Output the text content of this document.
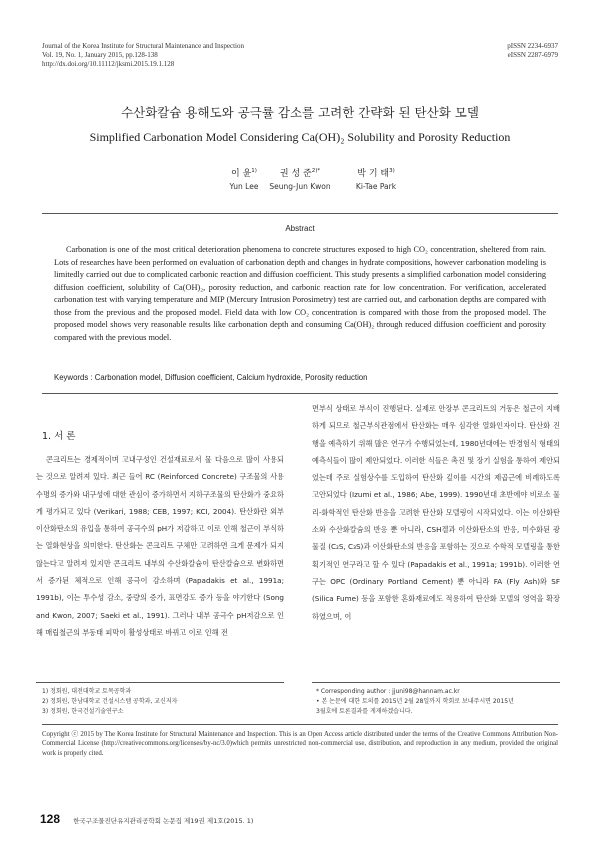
Journal of the Korea Institute for Structural Maintenance and Inspection
Vol. 19, No. 1, January 2015, pp.128-138
http://dx.doi.org/10.11112/jksmi.2015.19.1.128
pISSN 2234-6937
eISSN 2287-6979
수산화칼슘 용해도와 공극률 감소를 고려한 간략화 된 탄산화 모델
Simplified Carbonation Model Considering Ca(OH)₂ Solubility and Porosity Reduction
이 윤$^{1)}$
Yun Lee
권 성 준$^{2)*}$
Seung-Jun Kwon
박 기 태$^{3)}$
Ki-Tae Park
Abstract

Carbonation is one of the most critical deterioration phenomena to concrete structures exposed to high CO₂ concentration, sheltered from rain. Lots of researches have been performed on evaluation of carbonation depth and changes in hydrate compositions, however carbonation modeling is limitedly carried out due to complicated carbonic reaction and diffusion coefficient. This study presents a simplified carbonation model considering diffusion coefficient, solubility of Ca(OH)₂, porosity reduction, and carbonic reaction rate for low concentration. For verification, accelerated carbonation test with varying temperature and MIP (Mercury Intrusion Porosimetry) test are carried out, and carbonation depths are compared with those from the previous and the proposed model. Field data with low CO₂ concentration is compared with those from the proposed model. The proposed model shows very reasonable results like carbonation depth and consuming Ca(OH)₂ through reduced diffusion coefficient and porosity compared with the previous model.

Keywords : Carbonation model, Diffusion coefficient, Calcium hydroxide, Porosity reduction
1. 서 론

콘크리트는 경제적이며 고내구성인 건설재료로서 물 다음으로 많이 사용되는 것으로 알려져 있다. 최근 들어 RC (Reinforced Concrete) 구조물의 사용수명의 증가와 내구성에 대한 관심이 증가하면서 지하구조물의 탄산화가 중요하게 평가되고 있다 (Verikari, 1988; CEB, 1997; KCI, 2004). 탄산화란 외부 이산화탄소의 유입을 통하여 공극수의 pH가 저감하고 이로 인해 철근이 부식하는 열화현상을 의미한다. 탄산화는 콘크리트 구체만 고려하면 크게 문제가 되지 않는다고 알려져 있지만 콘크리트 내부의 수산화칼슘이 탄산칼슘으로 변화하면서 증가된 체적으로 인해 공극이 감소하며 (Papadakis et al., 1991a; 1991b), 이는 투수성 감소, 중량의 증가, 표면강도 증가 등을 야기한다 (Song and Kwon, 2007; Saeki et al., 1991). 그러나 내부 공극수 pH저감으로 인해 매립철근의 부동태 피막이 활성상태로 바뀌고 이로 인해 전

면부식 상태로 부식이 진행된다. 실제로 안장부 콘크리트의 거동은 철근이 지배하게 되므로 철근부식관점에서 탄산화는 매우 심각한 열화인자이다. 탄산화 진행을 예측하기 위해 많은 연구가 수행되었는데, 1980년대에는 반경험식 형태의 예측식들이 많이 제안되었다. 이러한 식들은 촉진 및 장기 실험을 통하여 제안되었는데 주로 실험상수를 도입하여 탄산화 깊이를 시간의 제곱근에 비례하도록 고안되었다 (Izumi et al., 1986; Abe, 1999). 1990년대 초반에야 비로소 물리-화학적인 탄산화 반응을 고려한 탄산화 모델링이 시작되었다. 이는 이산화탄소와 수산화칼슘의 반응 뿐 아니라, CSH겔과 이산화탄소의 반응, 미수화된 광물질 (C₂S, C₃S)과 이산화탄소의 반응을 포함하는 것으로 수학적 모델링을 통한 획기적인 연구라고 할 수 있다 (Papadakis et al., 1991a; 1991b). 이러한 연구는 OPC (Ordinary Portland Cement) 뿐 아니라 FA (Fly Ash)와 SF (Silica Fume) 등을 포함한 혼화재료에도 적용하여 탄산화 모델의 영역을 확장하였으며, 이

1) 정회원, 대전대학교 토목공학과
2) 정회원, 한남대학교 건설시스템 공학과, 교신저자
3) 정회원, 한국건설기술연구소
* Corresponding author : jjuni98@hannam.ac.kr
• 본 논문에 대한 토의를 2015년 2월 28일까지 학회로 보내주시면 2015년
3월호에 토론결과를 게재하겠습니다.
Copyright ⓒ 2015 by The Korea Institute for Structural Maintenance and Inspection. This is an Open Access article distributed under the terms of the Creative Commons Attribution Non-Commercial License (http://creativecommons.org/licenses/by-nc/3.0)which permits unrestricted non-commercial use, distribution, and reproduction in any medium, provided the original work is properly cited.
128 한국구조물진단유지관리공학회 논문집 제19권 제1호(2015. 1)
